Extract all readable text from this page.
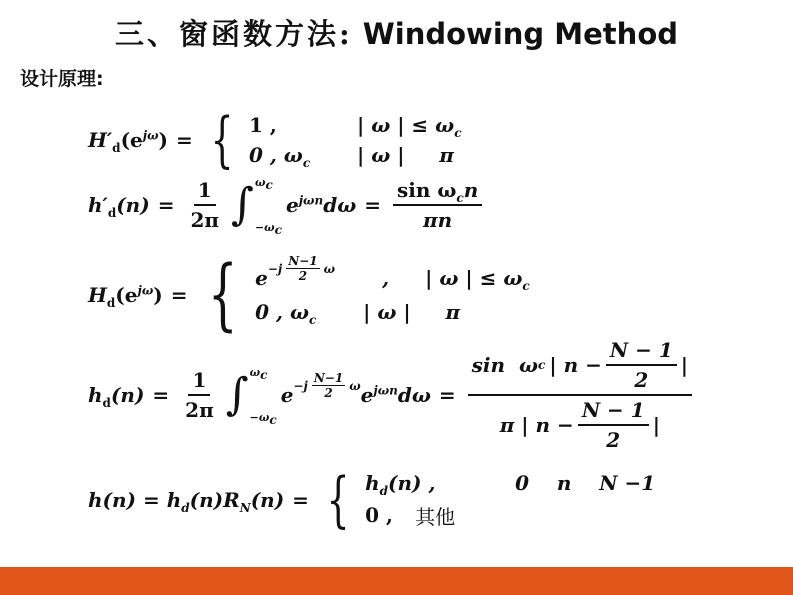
三、窗函数方法: Windowing Method
设计原理:
$H'_d(e^{j\omega})$ = { 1 ,	| ω | ≤ $\omega_c$
0 , $\omega_c$	| ω |     π
$h'_d(n) = \frac{1}{2\pi}$ ∫ $\omega_c$
$-\omega_c$
$e^{j\omega n}d\omega = \frac{\sin \omega_cn}{\pi n}$
$H_d(e^{j\omega})$ = { $e -j \frac{N-1}{2}$ ω ,	| ω | ≤ $\omega_c$
0 , $\omega_c$	| ω |     π
$h_d(n) = \frac{1}{2\pi}$ ∫ $\omega_c$
$-\omega_c$
$e -j \frac{N-1}{2}$ ω $e^{j\omega n}d\omega = \frac{\sin \omega c | n - \frac{N - 1}{2} |}{\pi | n - \frac{N - 1}{2} |}$
$h(n) = h_d(n)R_N(n)$ = { $h_d(n)$ ,	0    n    N −1
0 ,	其他
